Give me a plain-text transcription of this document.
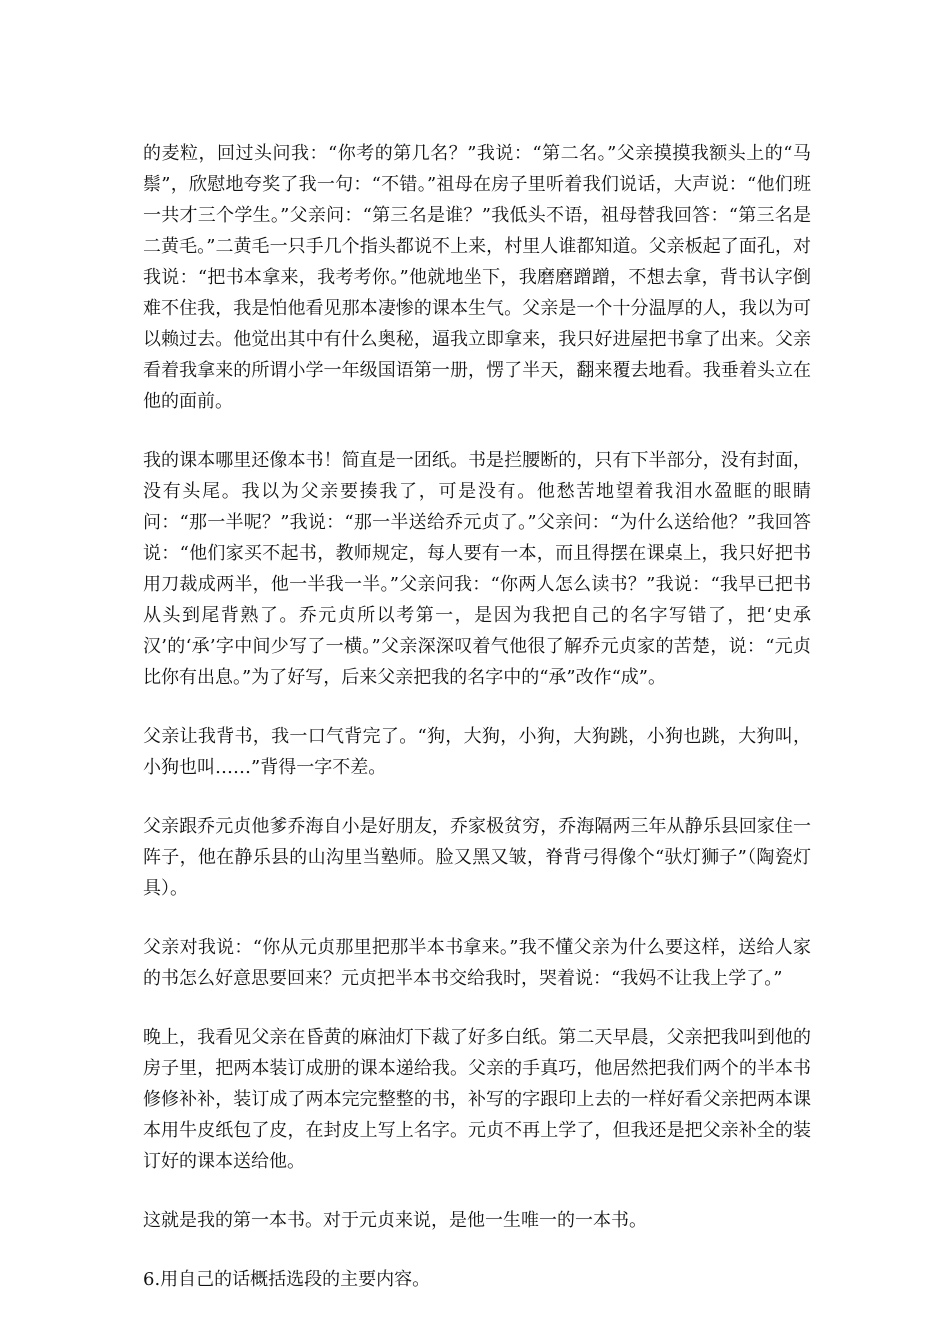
的麦粒，回过头问我：“你考的第几名？”我说：“第二名。”父亲摸摸我额头上的“马鬃”，欣慰地夸奖了我一句：“不错。”祖母在房子里听着我们说话，大声说：“他们班一共才三个学生。”父亲问：“第三名是谁？”我低头不语，祖母替我回答：“第三名是二黄毛。”二黄毛一只手几个指头都说不上来，村里人谁都知道。父亲板起了面孔，对我说：“把书本拿来，我考考你。”他就地坐下，我磨磨蹭蹭，不想去拿，背书认字倒难不住我，我是怕他看见那本凄惨的课本生气。父亲是一个十分温厚的人，我以为可以赖过去。他觉出其中有什么奥秘，逼我立即拿来，我只好进屋把书拿了出来。父亲看着我拿来的所谓小学一年级国语第一册，愣了半天，翻来覆去地看。我垂着头立在他的面前。

我的课本哪里还像本书！简直是一团纸。书是拦腰断的，只有下半部分，没有封面，没有头尾。我以为父亲要揍我了，可是没有。他愁苦地望着我泪水盈眶的眼睛问：“那一半呢？”我说：“那一半送给乔元贞了。”父亲问：“为什么送给他？”我回答说：“他们家买不起书，教师规定，每人要有一本，而且得摆在课桌上，我只好把书用刀裁成两半，他一半我一半。”父亲问我：“你两人怎么读书？”我说：“我早已把书从头到尾背熟了。乔元贞所以考第一，是因为我把自己的名字写错了，把‘史承汉’的‘承’字中间少写了一横。”父亲深深叹着气他很了解乔元贞家的苦楚，说：“元贞比你有出息。”为了好写，后来父亲把我的名字中的“承”改作“成”。

父亲让我背书，我一口气背完了。“狗，大狗，小狗，大狗跳，小狗也跳，大狗叫，小狗也叫……”背得一字不差。

父亲跟乔元贞他爹乔海自小是好朋友，乔家极贫穷，乔海隔两三年从静乐县回家住一阵子，他在静乐县的山沟里当塾师。脸又黑又皱，脊背弓得像个“驮灯狮子”（陶瓷灯具）。

父亲对我说：“你从元贞那里把那半本书拿来。”我不懂父亲为什么要这样，送给人家的书怎么好意思要回来？元贞把半本书交给我时，哭着说：“我妈不让我上学了。”

晚上，我看见父亲在昏黄的麻油灯下裁了好多白纸。第二天早晨，父亲把我叫到他的房子里，把两本装订成册的课本递给我。父亲的手真巧，他居然把我们两个的半本书修修补补，装订成了两本完完整整的书，补写的字跟印上去的一样好看父亲把两本课本用牛皮纸包了皮，在封皮上写上名字。元贞不再上学了，但我还是把父亲补全的装订好的课本送给他。

这就是我的第一本书。对于元贞来说，是他一生唯一的一本书。

6.用自己的话概括选段的主要内容。
